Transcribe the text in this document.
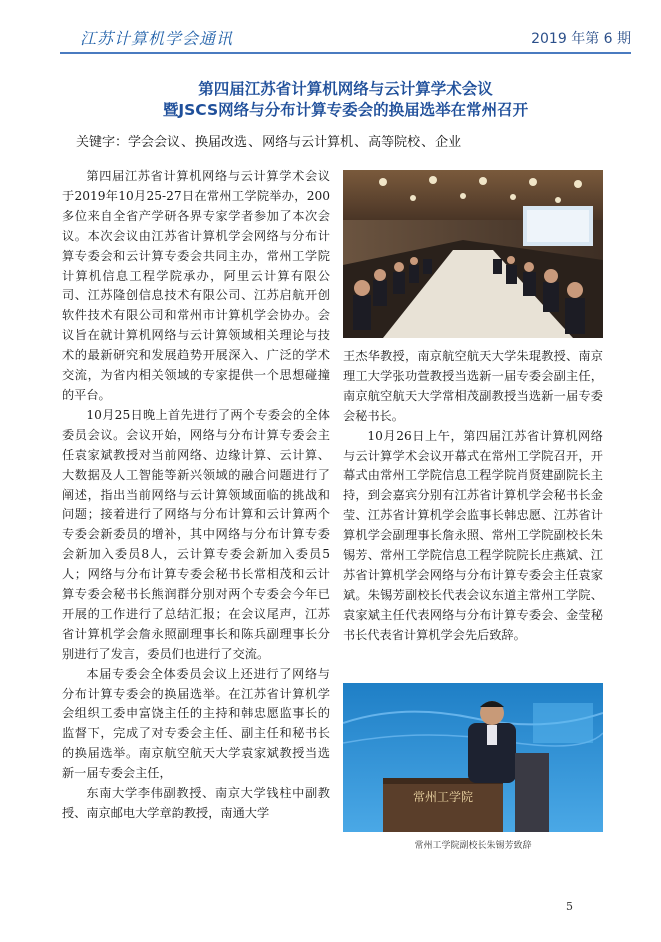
江苏计算机学会通讯	2019 年第 6 期
第四届江苏省计算机网络与云计算学术会议
暨JSCS网络与分布计算专委会的换届选举在常州召开
关键字：学会会议、换届改选、网络与云计算机、高等院校、企业

第四届江苏省计算机网络与云计算学术会议于2019年10月25-27日在常州工学院举办，200多位来自全省产学研各界专家学者参加了本次会议。本次会议由江苏省计算机学会网络与分布计算专委会和云计算专委会共同主办，常州工学院计算机信息工程学院承办，阿里云计算有限公司、江苏隆创信息技术有限公司、江苏启航开创软件技术有限公司和常州市计算机学会协办。会议旨在就计算机网络与云计算领域相关理论与技术的最新研究和发展趋势开展深入、广泛的学术交流，为省内相关领域的专家提供一个思想碰撞的平台。

10月25日晚上首先进行了两个专委会的全体委员会议。会议开始，网络与分布计算专委会主任袁家斌教授对当前网络、边缘计算、云计算、大数据及人工智能等新兴领域的融合问题进行了阐述，指出当前网络与云计算领域面临的挑战和问题；接着进行了网络与分布计算和云计算两个专委会新委员的增补，其中网络与分布计算专委会新加入委员8人，云计算专委会新加入委员5人；网络与分布计算专委会秘书长常相茂和云计算专委会秘书长熊润群分别对两个专委会今年已开展的工作进行了总结汇报；在会议尾声，江苏省计算机学会詹永照副理事长和陈兵副理事长分别进行了发言，委员们也进行了交流。

本届专委会全体委员会议上还进行了网络与分布计算专委会的换届选举。在江苏省计算机学会组织工委申富饶主任的主持和韩忠愿监事长的监督下，完成了对专委会主任、副主任和秘书长的换届选举。南京航空航天大学袁家斌教授当选新一届专委会主任，

东南大学李伟副教授、南京大学钱柱中副教授、南京邮电大学章韵教授，南通大学

王杰华教授，南京航空航天大学朱琨教授、南京理工大学张功萱教授当选新一届专委会副主任，南京航空航天大学常相茂副教授当选新一届专委会秘书长。

10月26日上午，第四届江苏省计算机网络与云计算学术会议开幕式在常州工学院召开，开幕式由常州工学院信息工程学院肖贤建副院长主持，到会嘉宾分别有江苏省计算机学会秘书长金莹、江苏省计算机学会监事长韩忠愿、江苏省计算机学会副理事长詹永照、常州工学院副校长朱锡芳、常州工学院信息工程学院院长庄燕斌、江苏省计算机学会网络与分布计算专委会主任袁家斌。朱锡芳副校长代表会议东道主常州工学院、袁家斌主任代表网络与分布计算专委会、金莹秘书长代表省计算机学会先后致辞。

常州工学院
常州工学院副校长朱锡芳致辞
5
